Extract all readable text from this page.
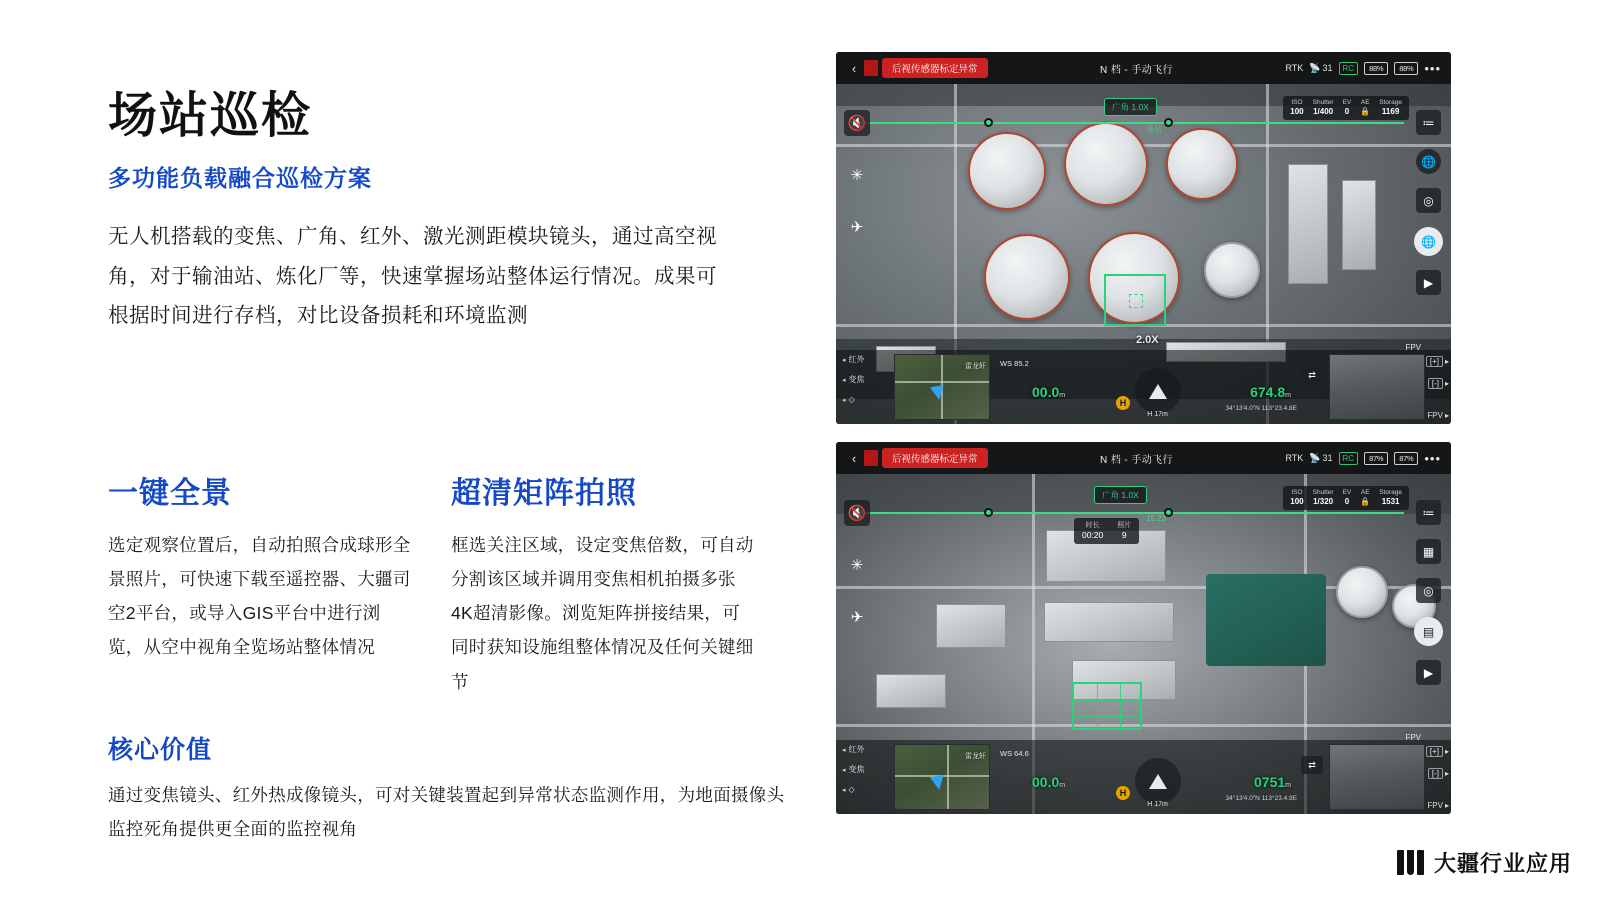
场站巡检
多功能负载融合巡检方案

无人机搭载的变焦、广角、红外、激光测距模块镜头，通过高空视角，对于输油站、炼化厂等，快速掌握场站整体运行情况。成果可根据时间进行存档，对比设备损耗和环境监测

一键全景

选定观察位置后，自动拍照合成球形全景照片，可快速下载至遥控器、大疆司空2平台，或导入GIS平台中进行浏览，从空中视角全览场站整体情况

超清矩阵拍照

框选关注区域，设定变焦倍数，可自动分割该区域并调用变焦相机拍摄多张4K超清影像。浏览矩阵拼接结果，可同时获知设施组整体情况及任何关键细节

核心价值

通过变焦镜头、红外热成像镜头，可对关键装置起到异常状态监测作用，为地面摄像头监控死角提供更全面的监控视角

大疆行业应用
场站
2.0X
‹	后视传感器标定异常	N 档 - 手动飞行	RTK 📡 31	RC	88%	88% •••
ISO
100
Shutter
1/400
EV
0
AE
🔒
Storage
1169
广角 1.0X
🔇
✳
✈
≔
🌐
◎
🌐
▶
◂ 红外
◂ 变焦
◂ ◇
雷龙轩 WS 85.2
H
00.0m	674.8m
34°13′4.0″N 113°23.4.8E
H 17m
⇄
FPV
[+] ▸
[-] ▸
FPV ▸
15.23
‹	后视传感器标定异常	N 档 - 手动飞行	RTK 📡 31	RC	87%	87% •••
ISO
100
Shutter
1/320
EV
0
AE
🔒
Storage
1531
广角 1.0X
时长
00:20
照片
9
🔇
✳
✈
≔
▦
◎
▤
▶
◂ 红外
◂ 变焦
◂ ◇
雷龙轩 WS 64.6
H
00.0m	0751m
34°13′4.0″N 113°23.4.9E
H 17m
⇄
FPV
[+] ▸
[-] ▸
FPV ▸
